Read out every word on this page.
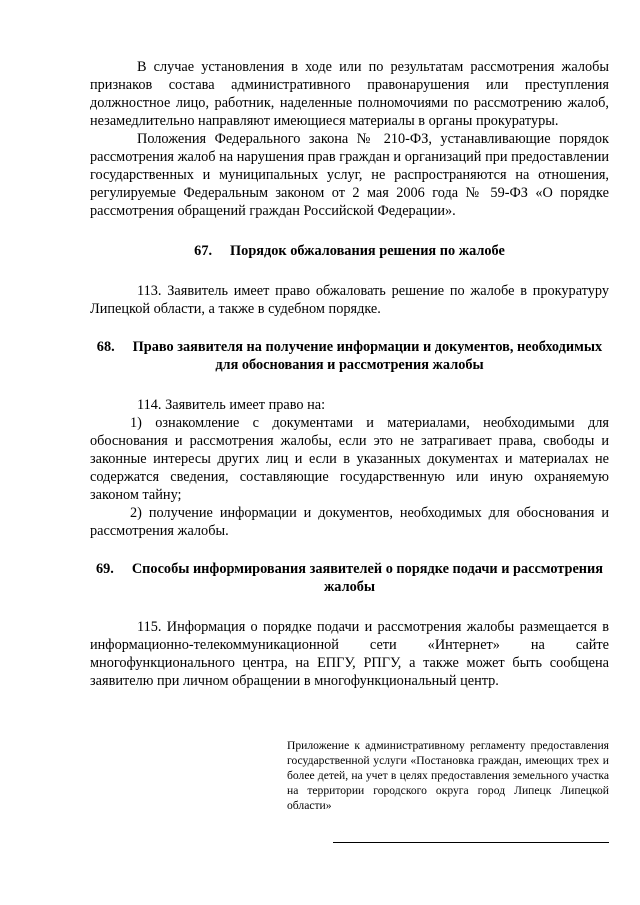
В случае установления в ходе или по результатам рассмотрения жалобы признаков состава административного правонарушения или преступления должностное лицо, работник, наделенные полномочиями по рассмотрению жалоб, незамедлительно направляют имеющиеся материалы в органы прокуратуры.

Положения Федерального закона № 210-ФЗ, устанавливающие порядок рассмотрения жалоб на нарушения прав граждан и организаций при предоставлении государственных и муниципальных услуг, не распространяются на отношения, регулируемые Федеральным законом от 2 мая 2006 года № 59-ФЗ «О порядке рассмотрения обращений граждан Российской Федерации».

67. Порядок обжалования решения по жалобе

113. Заявитель имеет право обжаловать решение по жалобе в прокуратуру Липецкой области, а также в судебном порядке.

68. Право заявителя на получение информации и документов, необходимых для обоснования и рассмотрения жалобы

114. Заявитель имеет право на:

1) ознакомление с документами и материалами, необходимыми для обоснования и рассмотрения жалобы, если это не затрагивает права, свободы и законные интересы других лиц и если в указанных документах и материалах не содержатся сведения, составляющие государственную или иную охраняемую законом тайну;

2) получение информации и документов, необходимых для обоснования и рассмотрения жалобы.

69. Способы информирования заявителей о порядке подачи и рассмотрения жалобы

115. Информация о порядке подачи и рассмотрения жалобы размещается в информационно-телекоммуникационной сети «Интернет» на сайте многофункционального центра, на ЕПГУ, РПГУ, а также может быть сообщена заявителю при личном обращении в многофункциональный центр.

Приложение к административному регламенту предоставления государственной услуги «Постановка граждан, имеющих трех и более детей, на учет в целях предоставления земельного участка на территории городского округа город Липецк Липецкой области»
